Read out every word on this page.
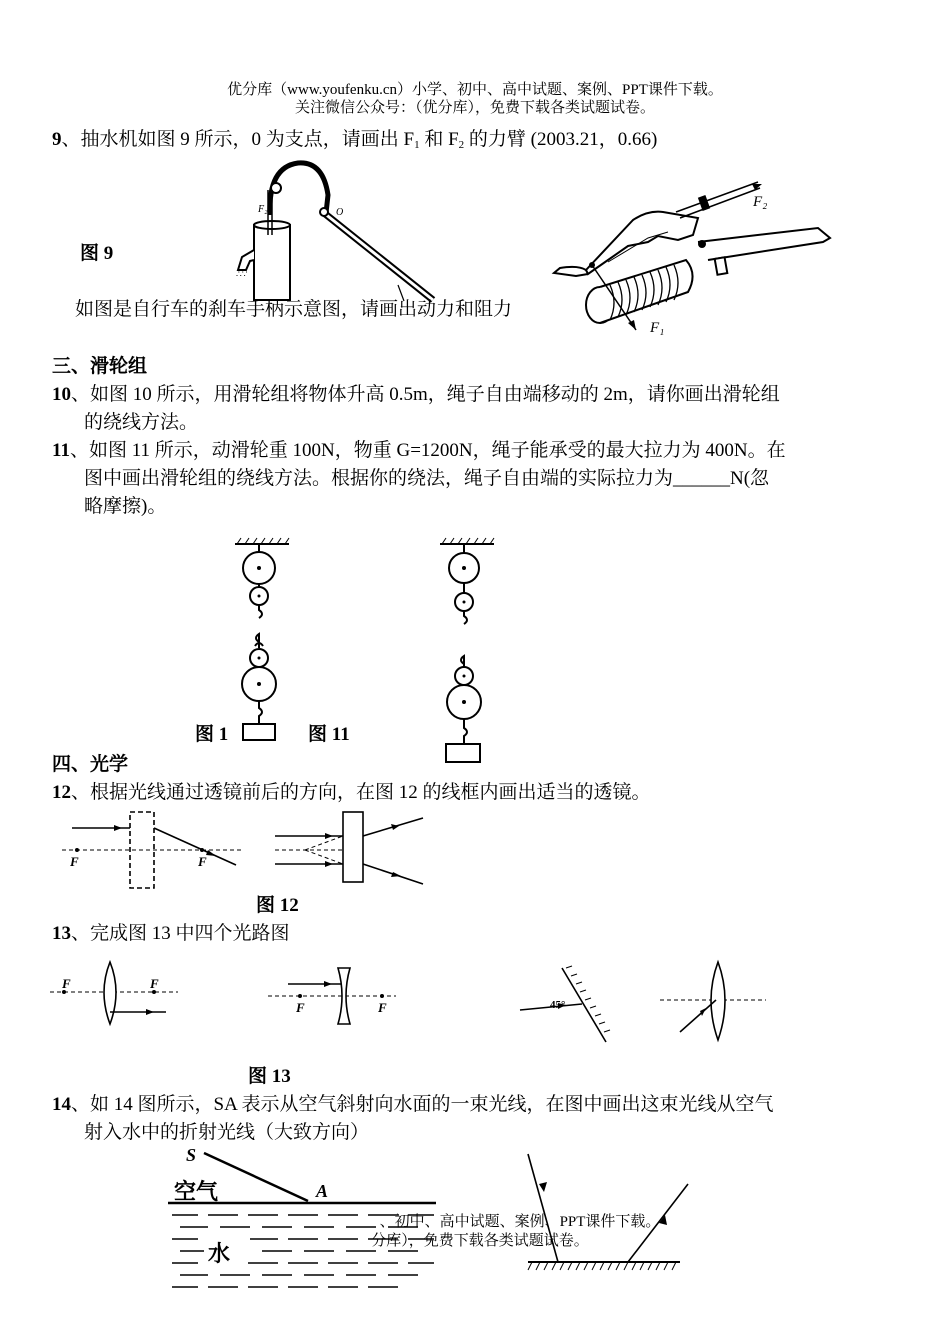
优分库（www.youfenku.cn）小学、初中、高中试题、案例、PPT课件下载。
关注微信公众号：（优分库），免费下载各类试题试卷。
9、抽水机如图 9 所示，0 为支点，请画出 $F_1$ 和 $F_2$ 的力臂 (2003.21，0.66)
图 9
∴∵
F₂	O
如图是自行车的刹车手柄示意图，请画出动力和阻力
F₂
F₁
三、滑轮组
10、如图 10 所示，用滑轮组将物体升高 0.5m，绳子自由端移动的 2m，请你画出滑轮组
的绕线方法。
11、如图 11 所示，动滑轮重 100N，物重 G=1200N，绳子能承受的最大拉力为 400N。在
图中画出滑轮组的绕线方法。根据你的绕法，绳子自由端的实际拉力为______N(忽
略摩擦)。
图 1	图 11
四、光学
12、根据光线通过透镜前后的方向，在图 12 的线框内画出适当的透镜。
F	F
图 12
13、完成图 13 中四个光路图
F	F
F	F	45°
图 13
14、如 14 图所示，SA 表示从空气斜射向水面的一束光线，在图中画出这束光线从空气
射入水中的折射光线（大致方向）
S
A
空气
水
、初中、高中试题、案例、PPT课件下载。
分库），免费下载各类试题试卷。
